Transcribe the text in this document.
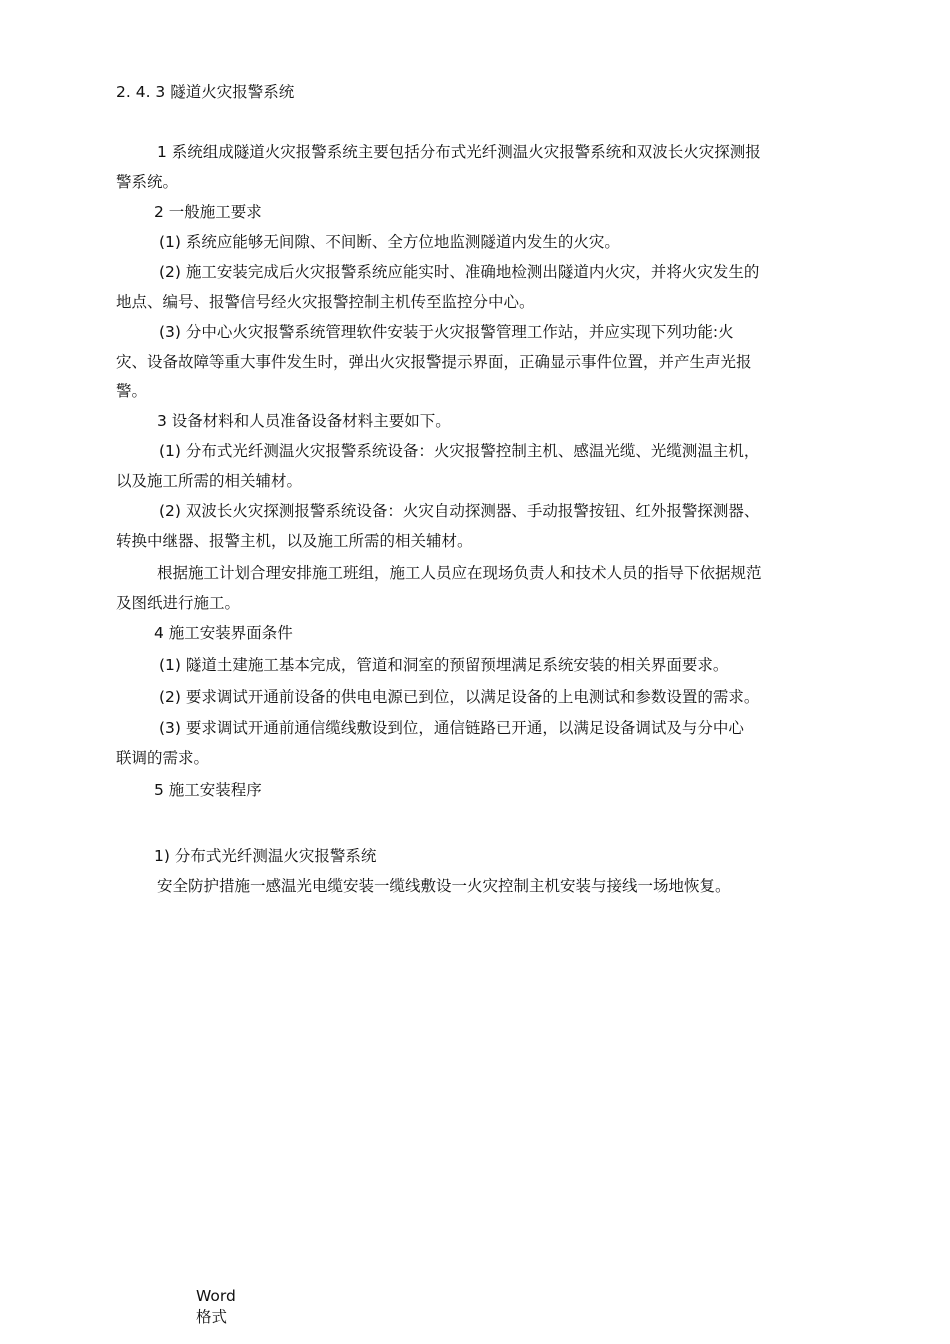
2. 4. 3 隧道火灾报警系统
1 系统组成隧道火灾报警系统主要包括分布式光纤测温火灾报警系统和双波长火灾探测报
警系统。
2 一般施工要求
(1) 系统应能够无间隙、不间断、全方位地监测隧道内发生的火灾。
(2) 施工安装完成后火灾报警系统应能实时、准确地检测出隧道内火灾，并将火灾发生的
地点、编号、报警信号经火灾报警控制主机传至监控分中心。
(3) 分中心火灾报警系统管理软件安装于火灾报警管理工作站，并应实现下列功能:火
灾、设备故障等重大事件发生时，弹出火灾报警提示界面，正确显示事件位置，并产生声光报
警。
3 设备材料和人员准备设备材料主要如下。
(1) 分布式光纤测温火灾报警系统设备：火灾报警控制主机、感温光缆、光缆测温主机，
以及施工所需的相关辅材。
(2) 双波长火灾探测报警系统设备：火灾自动探测器、手动报警按钮、红外报警探测器、
转换中继器、报警主机，以及施工所需的相关辅材。
根据施工计划合理安排施工班组，施工人员应在现场负责人和技术人员的指导下依据规范
及图纸进行施工。
4 施工安装界面条件
(1) 隧道土建施工基本完成，管道和洞室的预留预埋满足系统安装的相关界面要求。
(2) 要求调试开通前设备的供电电源已到位，以满足设备的上电测试和参数设置的需求。
(3) 要求调试开通前通信缆线敷设到位，通信链路已开通，以满足设备调试及与分中心
联调的需求。
5 施工安装程序
1) 分布式光纤测温火灾报警系统
安全防护措施一感温光电缆安装一缆线敷设一火灾控制主机安装与接线一场地恢复。
Word 格式
